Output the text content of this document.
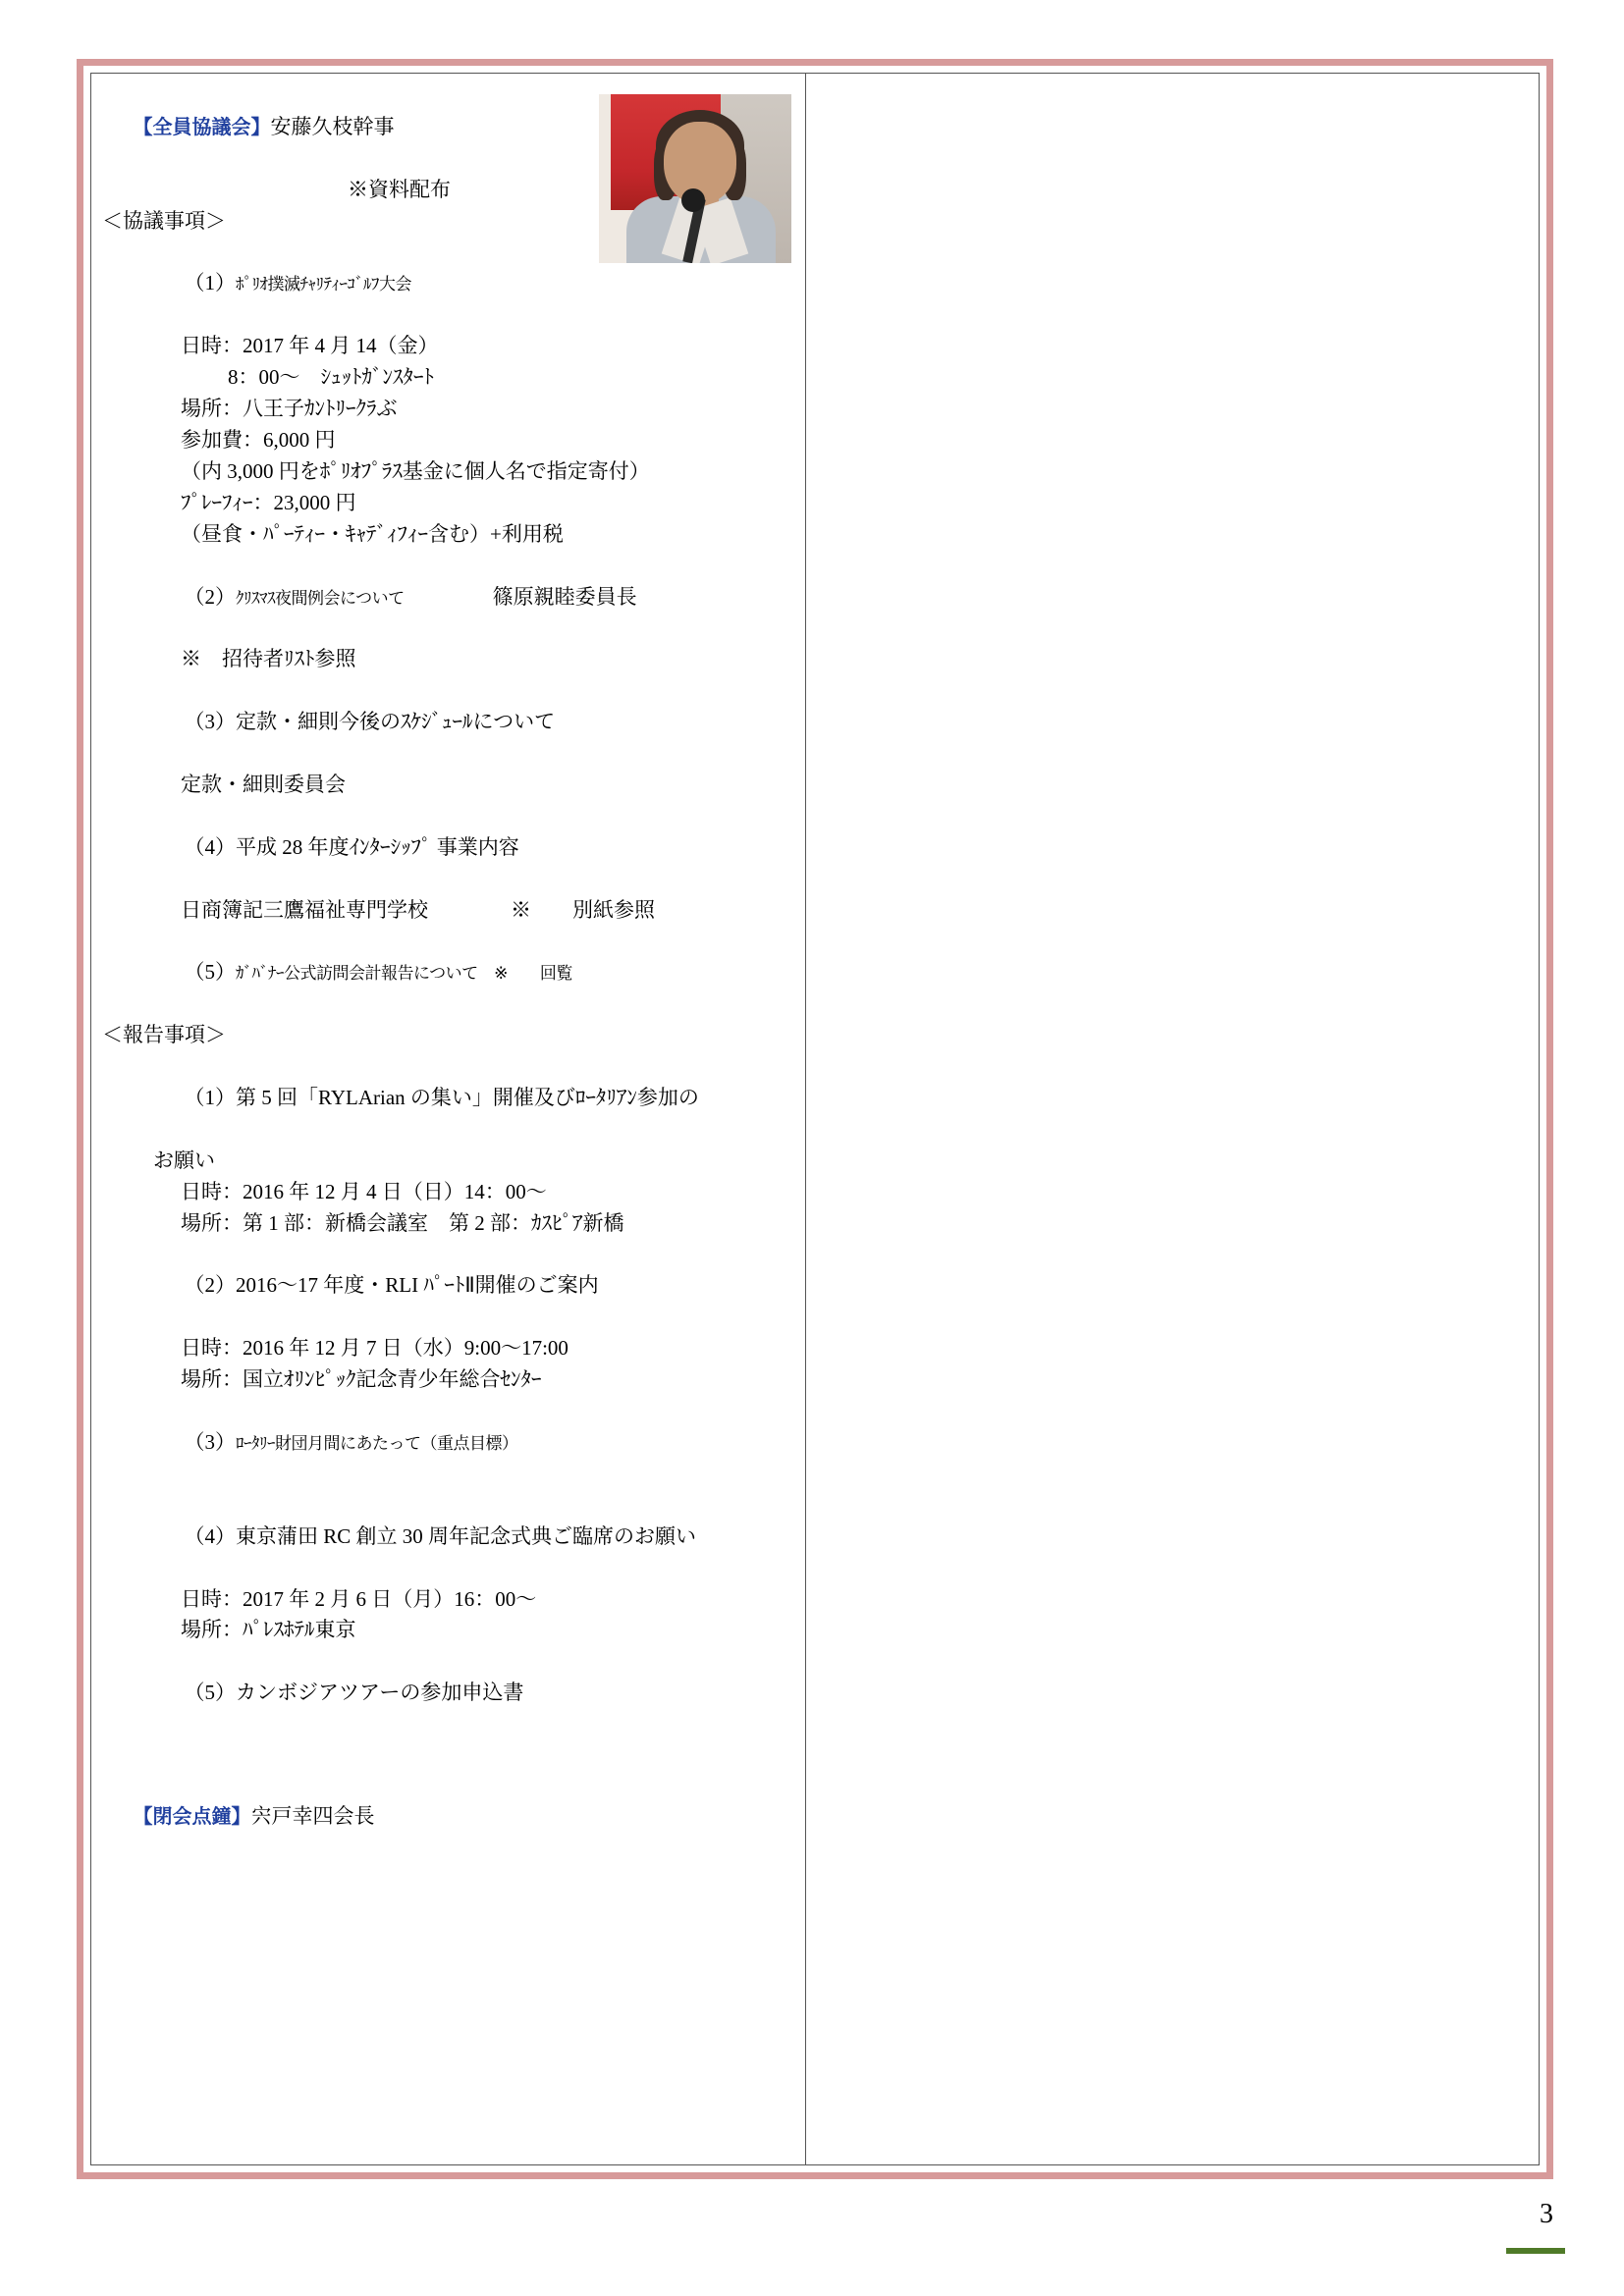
【全員協議会】安藤久枝幹事

※資料配布
＜協議事項＞

（1）ﾎﾟﾘｵ撲滅ﾁｬﾘﾃｨｰｺﾞﾙﾌ大会

日時：2017 年 4 月 14（金）
8：00〜　ｼｭｯﾄｶﾞﾝｽﾀｰﾄ
場所：八王子ｶﾝﾄﾘｰｸﾗぶ
参加費：6,000 円
（内 3,000 円をﾎﾟﾘｵﾌﾟﾗｽ基金に個人名で指定寄付）
ﾌﾟﾚｰﾌｨｰ：23,000 円
（昼食・ﾊﾟｰﾃｨｰ・ｷｬﾃﾞｨﾌｨｰ含む）+利用税

（2）ｸﾘｽﾏｽ夜間例会について	篠原親睦委員長

※　招待者ﾘｽﾄ参照

（3）定款・細則今後のｽｹｼﾞｭｰﾙについて

定款・細則委員会

（4）平成 28 年度ｲﾝﾀｰｼｯﾌﾟ 事業内容

日商簿記三鷹福祉専門学校　　　　※　　別紙参照

（5）ｶﾞﾊﾞﾅｰ公式訪問会計報告について　※　　回覧

＜報告事項＞

（1）第 5 回「RYLArian の集い」開催及びﾛｰﾀﾘｱﾝ参加の

お願い
日時：2016 年 12 月 4 日（日）14：00〜
場所：第 1 部：新橋会議室　第 2 部：ｶｽﾋﾟｱ新橋

（2）2016〜17 年度・RLI ﾊﾟｰﾄⅡ開催のご案内

日時：2016 年 12 月 7 日（水）9:00〜17:00
場所：国立ｵﾘﾝﾋﾟｯｸ記念青少年総合ｾﾝﾀｰ

（3）ﾛｰﾀﾘｰ財団月間にあたって（重点目標）

（4）東京蒲田 RC 創立 30 周年記念式典ご臨席のお願い

日時：2017 年 2 月 6 日（月）16：00〜
場所：ﾊﾟﾚｽﾎﾃﾙ東京

（5）カンボジアツアーの参加申込書

【閉会点鐘】宍戸幸四会長

3
